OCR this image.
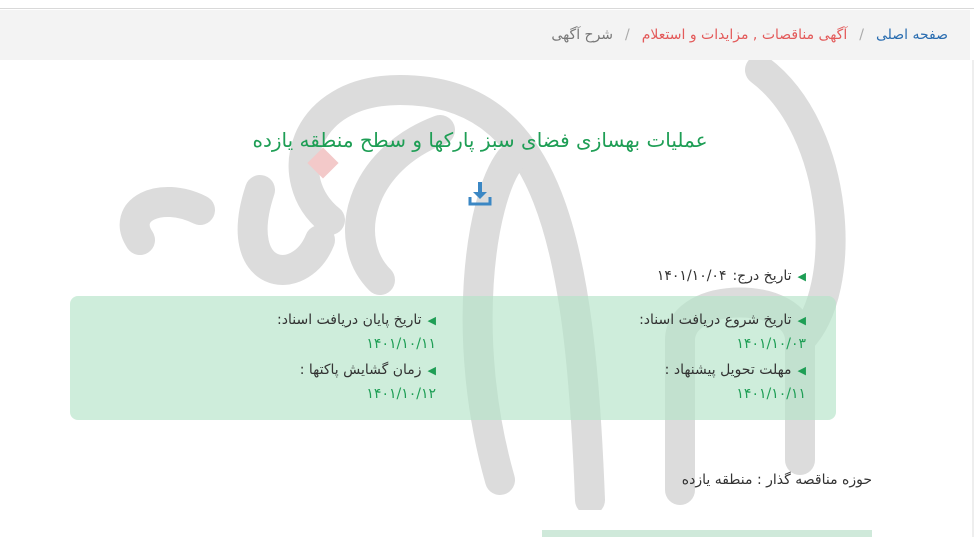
صفحه اصلی
/
آگهی مناقصات , مزایدات و استعلام
/
شرح آگهی
عملیات بهسازی فضای سبز پارکها و سطح منطقه یازده
◀
تاریخ درج:
۱۴۰۱/۱۰/۰۴
◀
تاریخ شروع دریافت اسناد:
۱۴۰۱/۱۰/۰۳
◀
تاریخ پایان دریافت اسناد:
۱۴۰۱/۱۰/۱۱
◀
مهلت تحویل پیشنهاد :
۱۴۰۱/۱۰/۱۱
◀
زمان گشایش پاکتها :
۱۴۰۱/۱۰/۱۲
حوزه مناقصه گذار : منطقه یازده
